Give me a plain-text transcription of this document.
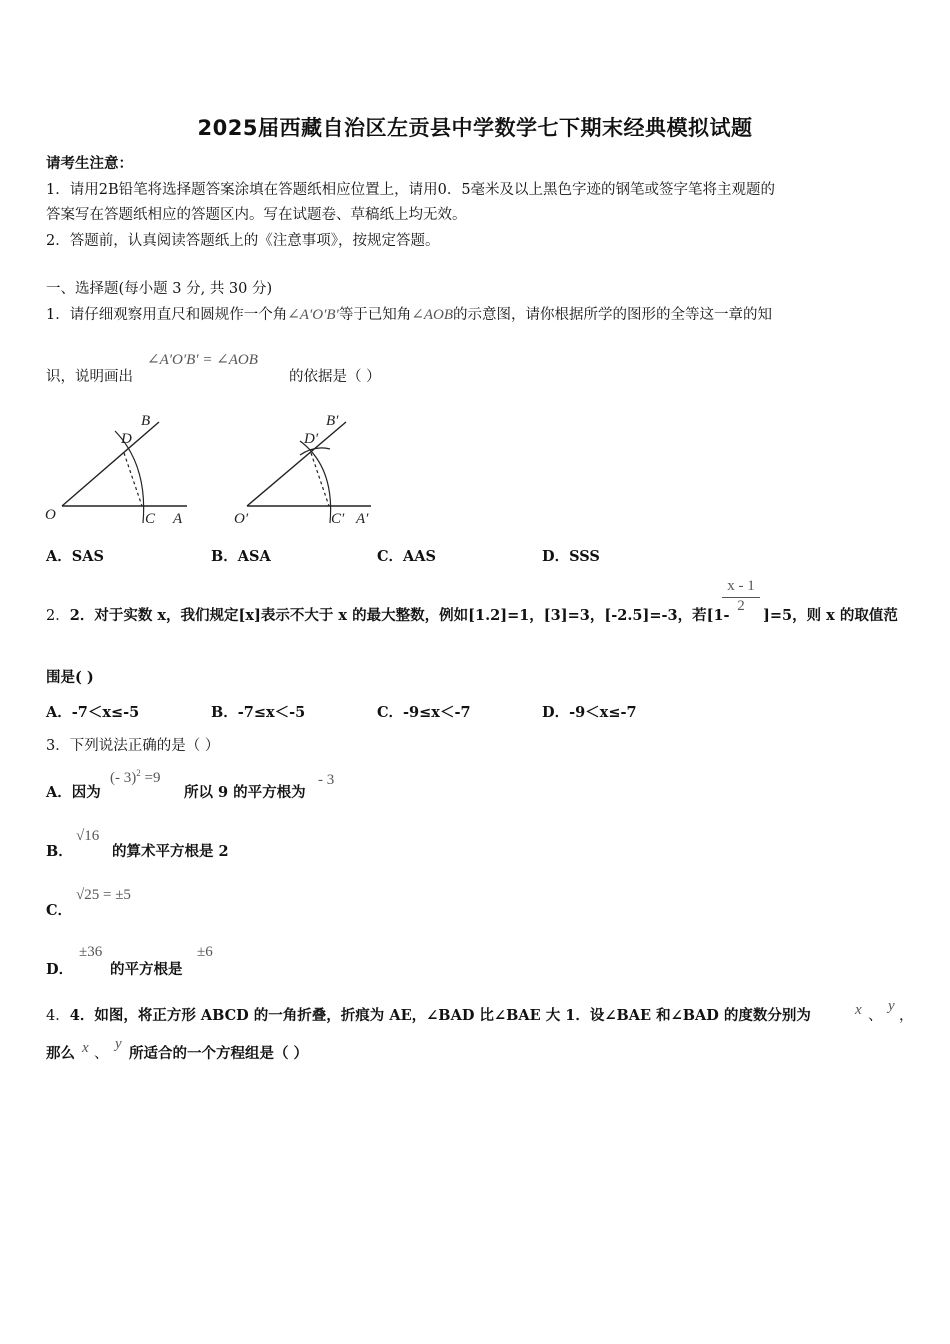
2025届西藏自治区左贡县中学数学七下期末经典模拟试题
请考生注意：
1．请用2B铅笔将选择题答案涂填在答题纸相应位置上，请用0．5毫米及以上黑色字迹的钢笔或签字笔将主观题的
答案写在答题纸相应的答题区内。写在试题卷、草稿纸上均无效。
2．答题前，认真阅读答题纸上的《注意事项》，按规定答题。
一、选择题(每小题 3 分, 共 30 分)
1．请仔细观察用直尺和圆规作一个角∠A′O′B′等于已知角∠AOB的示意图，请你根据所学的图形的全等这一章的知
识，说明画出
∠A′O′B′ = ∠AOB
的依据是（ ）
O	C A
D
B
O′	C′ A′
D′
B′
A．SAS	B．ASA	C．AAS	D．SSS
2．2．对于实数 x，我们规定[x]表示不大于 x 的最大整数，例如[1.2]=1，[3]=3，[-2.5]=-3，若[1-
$\frac{x - 1}{2}$
]=5，则 x 的取值范
围是( )
A．-7＜x≤-5	B．-7≤x＜-5	C．-9≤x＜-7	D．-9＜x≤-7
3．下列说法正确的是（ ）
A．因为
(- 3)$^2$ =9
所以 9 的平方根为
- 3
B．
√16
的算术平方根是 2
C．
√25 = ±5
D．
±36
的平方根是
±6
4．4．如图，将正方形 ABCD 的一角折叠，折痕为 AE，∠BAD 比∠BAE 大 1．设∠BAE 和∠BAD 的度数分别为	x 、
y
，
那么 x 、
y
所适合的一个方程组是（ ）
